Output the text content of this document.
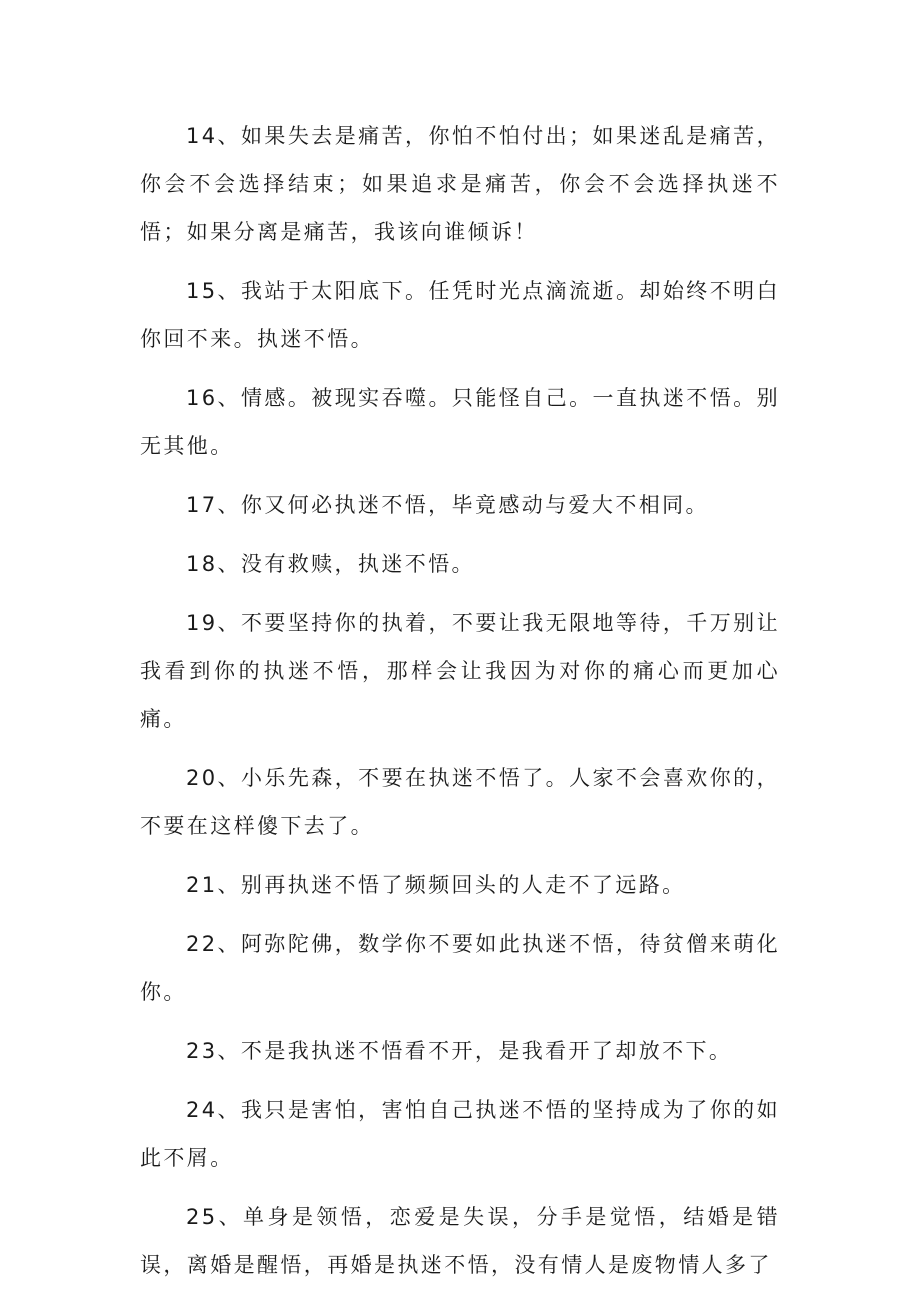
14、如果失去是痛苦，你怕不怕付出；如果迷乱是痛苦，你会不会选择结束；如果追求是痛苦，你会不会选择执迷不悟；如果分离是痛苦，我该向谁倾诉！

15、我站于太阳底下。任凭时光点滴流逝。却始终不明白你回不来。执迷不悟。

16、情感。被现实吞噬。只能怪自己。一直执迷不悟。别无其他。

17、你又何必执迷不悟，毕竟感动与爱大不相同。

18、没有救赎，执迷不悟。

19、不要坚持你的执着，不要让我无限地等待，千万别让我看到你的执迷不悟，那样会让我因为对你的痛心而更加心痛。

20、小乐先森，不要在执迷不悟了。人家不会喜欢你的，不要在这样傻下去了。

21、别再执迷不悟了频频回头的人走不了远路。

22、阿弥陀佛，数学你不要如此执迷不悟，待贫僧来萌化你。

23、不是我执迷不悟看不开，是我看开了却放不下。

24、我只是害怕，害怕自己执迷不悟的坚持成为了你的如此不屑。

25、单身是领悟，恋爱是失误，分手是觉悟，结婚是错误，离婚是醒悟，再婚是执迷不悟，没有情人是废物情人多了
